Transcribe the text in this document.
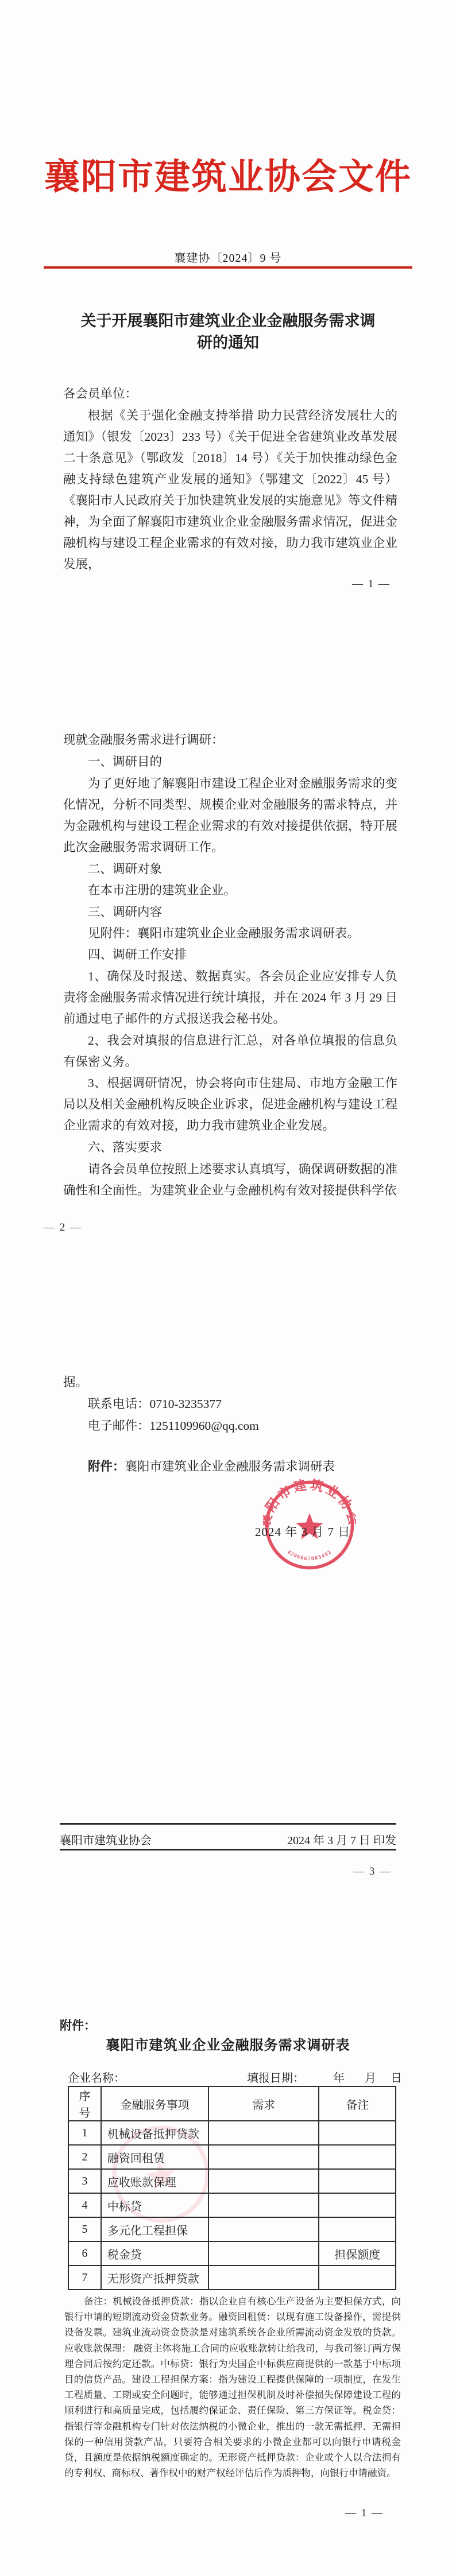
襄阳市建筑业协会文件
襄建协〔2024〕9 号
关于开展襄阳市建筑业企业金融服务需求调
研的通知
各会员单位：
根据《关于强化金融支持举措 助力民营经济发展壮大的通知》（银发〔2023〕233 号）《关于促进全省建筑业改革发展二十条意见》（鄂政发〔2018〕14 号）《关于加快推动绿色金融支持绿色建筑产业发展的通知》（鄂建文〔2022〕45 号）《襄阳市人民政府关于加快建筑业发展的实施意见》等文件精神，为全面了解襄阳市建筑业企业金融服务需求情况，促进金融机构与建设工程企业需求的有效对接，助力我市建筑业企业发展，
— 1 —
现就金融服务需求进行调研：
一、调研目的
为了更好地了解襄阳市建设工程企业对金融服务需求的变化情况，分析不同类型、规模企业对金融服务的需求特点，并为金融机构与建设工程企业需求的有效对接提供依据，特开展此次金融服务需求调研工作。
二、调研对象
在本市注册的建筑业企业。
三、调研内容
见附件：襄阳市建筑业企业金融服务需求调研表。
四、调研工作安排
1、确保及时报送、数据真实。各会员企业应安排专人负责将金融服务需求情况进行统计填报，并在 2024 年 3 月 29 日前通过电子邮件的方式报送我会秘书处。
2、我会对填报的信息进行汇总，对各单位填报的信息负有保密义务。
3、根据调研情况，协会将向市住建局、市地方金融工作局以及相关金融机构反映企业诉求，促进金融机构与建设工程企业需求的有效对接，助力我市建筑业企业发展。
六、落实要求
请各会员单位按照上述要求认真填写，确保调研数据的准确性和全面性。为建筑业企业与金融机构有效对接提供科学依
— 2 —
据。
联系电话：0710-3235377
电子邮件：1251109960@qq.com
附件：襄阳市建筑业企业金融服务需求调研表
2024 年 3 月 7 日
阳市建筑业协
4206067003482
襄阳市建筑业协会	2024 年 3 月 7 日 印发
— 3 —
附件：
襄阳市建筑业企业金融服务需求调研表
企业名称：	填报日期：	年 月 日
序号	金融服务事项	需求	备注
1	机械设备抵押贷款		
2	融资回租赁		
3	应收账款保理		
4	中标贷		
5	多元化工程担保		
6	税金贷		担保额度
7	无形资产抵押贷款		
备注：机械设备抵押贷款：指以企业自有核心生产设备为主要担保方式，向银行申请的短期流动资金贷款业务。融资回租赁：以现有施工设备操作，需提供设备发票。建筑业流动资金贷款是对建筑系统各企业所需流动资金发放的贷款。应收账款保理： 融资主体将施工合同的应收账款转让给我司，与我司签订两方保理合同后按约定还款。中标贷：银行为央国企中标供应商提供的一款基于中标项目的信贷产品。建设工程担保方案：指为建设工程提供保障的一项制度，在发生工程质量、工期或安全问题时，能够通过担保机制及时补偿损失保障建设工程的顺利进行和高质量完成，包括履约保证金、责任保险、第三方保证等。税金贷：指银行等金融机构专门针对依法纳税的小微企业，推出的一款无需抵押、无需担保的一种信用贷款产品，只要符合相关要求的小微企业都可以向银行申请税金贷，且额度是依据纳税额度确定的。无形资产抵押贷款：企业或个人以合法拥有的专利权、商标权、著作权中的财产权经评估后作为质押物，向银行申请融资。
— 1 —
